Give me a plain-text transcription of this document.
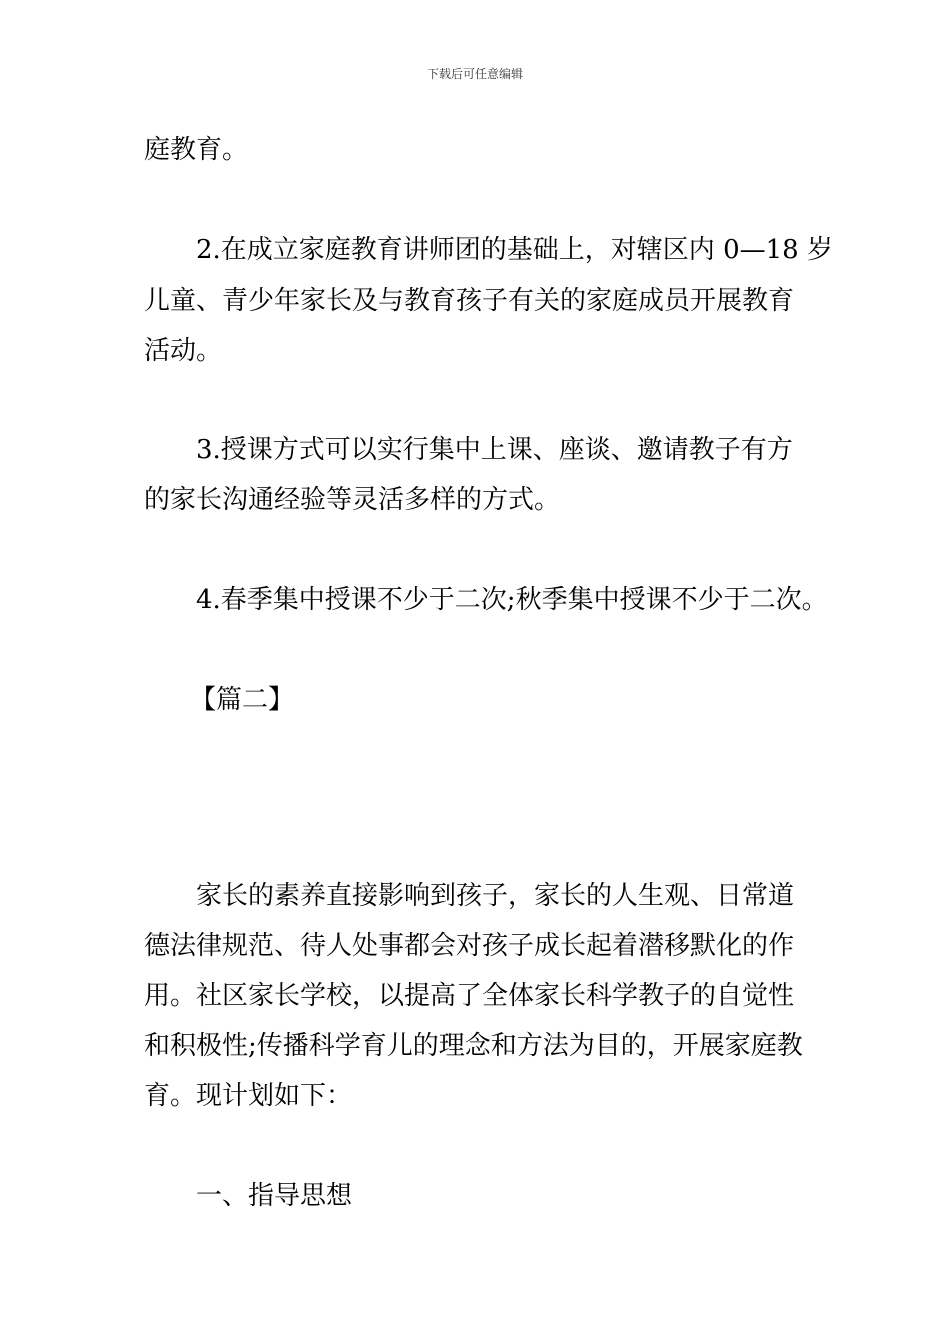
下载后可任意编辑
庭教育。
2.在成立家庭教育讲师团的基础上，对辖区内 0—18 岁
儿童、青少年家长及与教育孩子有关的家庭成员开展教育
活动。
3.授课方式可以实行集中上课、座谈、邀请教子有方
的家长沟通经验等灵活多样的方式。
4.春季集中授课不少于二次;秋季集中授课不少于二次。
【篇二】
家长的素养直接影响到孩子，家长的人生观、日常道
德法律规范、待人处事都会对孩子成长起着潜移默化的作
用。社区家长学校，以提高了全体家长科学教子的自觉性
和积极性;传播科学育儿的理念和方法为目的，开展家庭教
育。现计划如下：
一、指导思想
